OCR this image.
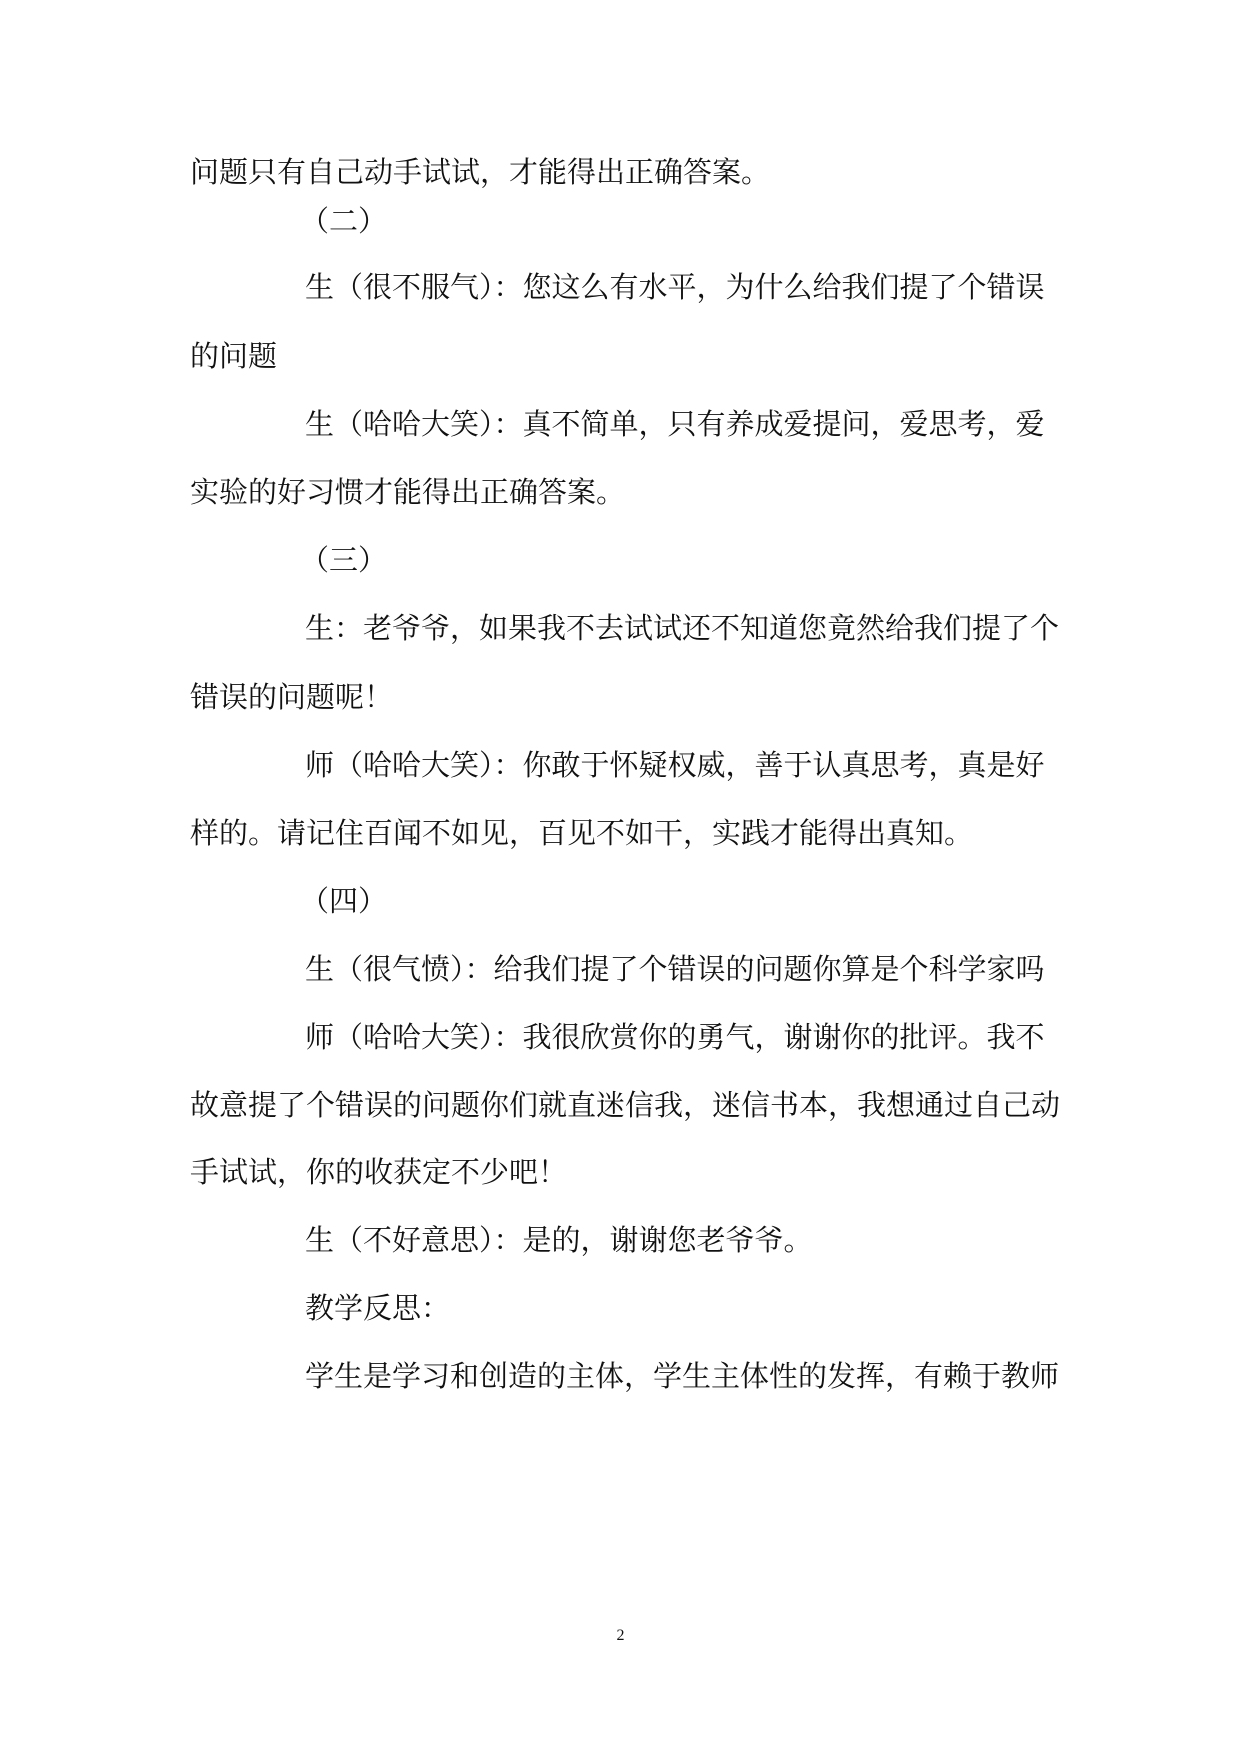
问题只有自己动手试试，才能得出正确答案。
（二）
生（很不服气）：您这么有水平，为什么给我们提了个错误
的问题
生（哈哈大笑）：真不简单，只有养成爱提问，爱思考，爱
实验的好习惯才能得出正确答案。
（三）
生：老爷爷，如果我不去试试还不知道您竟然给我们提了个
错误的问题呢！
师（哈哈大笑）：你敢于怀疑权威，善于认真思考，真是好
样的。请记住百闻不如见，百见不如干，实践才能得出真知。
（四）
生（很气愤）：给我们提了个错误的问题你算是个科学家吗
师（哈哈大笑）：我很欣赏你的勇气，谢谢你的批评。我不
故意提了个错误的问题你们就直迷信我，迷信书本，我想通过自己动
手试试，你的收获定不少吧！
生（不好意思）：是的，谢谢您老爷爷。
教学反思：
学生是学习和创造的主体，学生主体性的发挥，有赖于教师
2
